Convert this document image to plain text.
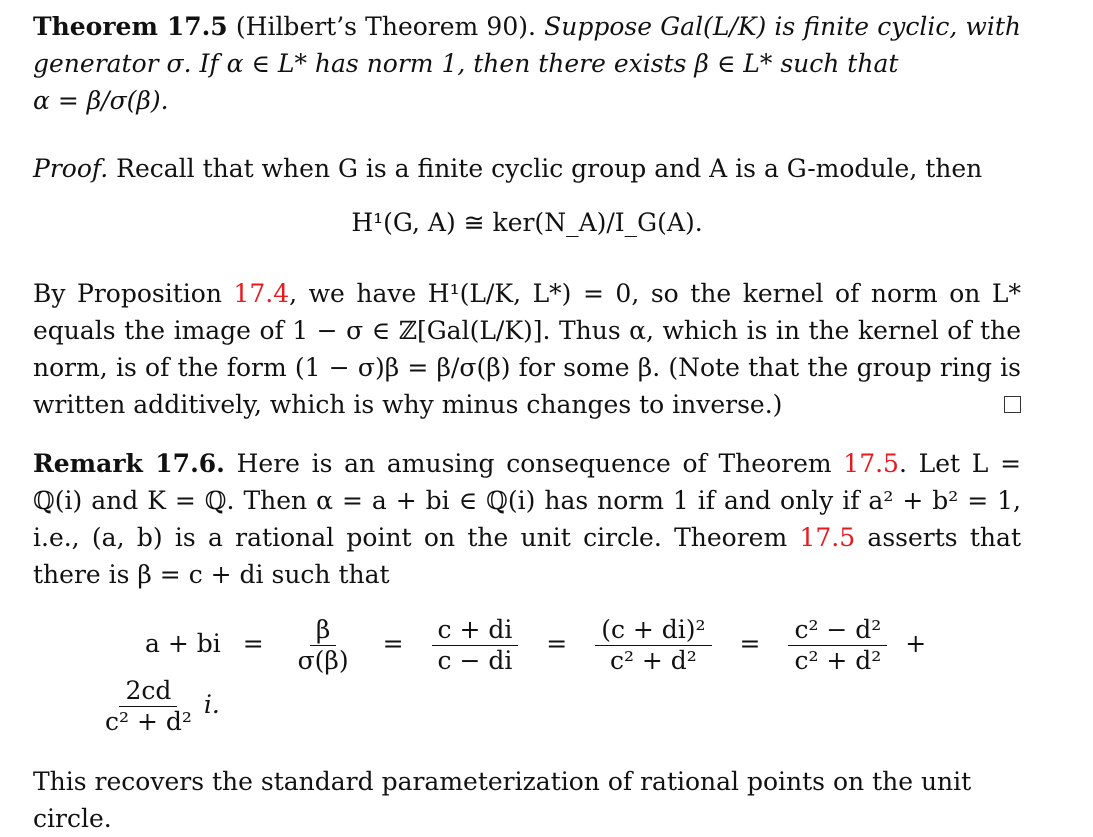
Theorem 17.5 (Hilbert’s Theorem 90). Suppose Gal(L/K) is finite cyclic, with generator σ. If α ∈ L* has norm 1, then there exists β ∈ L* such that
α = β/σ(β).

Proof. Recall that when G is a finite cyclic group and A is a G-module, then

H¹(G, A) ≅ ker(N_A)/I_G(A).

By Proposition 17.4, we have H¹(L/K, L*) = 0, so the kernel of norm on L* equals the image of 1 − σ ∈ ℤ[Gal(L/K)]. Thus α, which is in the kernel of the norm, is of the form (1 − σ)β = β/σ(β) for some β. (Note that the group ring is written additively, which is why minus changes to inverse.)

Remark 17.6. Here is an amusing consequence of Theorem 17.5. Let L = ℚ(i) and K = ℚ. Then α = a + bi ∈ ℚ(i) has norm 1 if and only if a² + b² = 1, i.e., (a, b) is a rational point on the unit circle. Theorem 17.5 asserts that there is β = c + di such that

a + bi = $\frac{\beta}{\sigma(\beta)} = \frac{c + di}{c - di} = \frac{\text{(c + di)²}}{\text{c² + d²}} = \frac{\text{c² − d²}}{\text{c² + d²}}$ +
$\frac{2cd}{\text{c² + d²}} i$.

This recovers the standard parameterization of rational points on the unit circle.
